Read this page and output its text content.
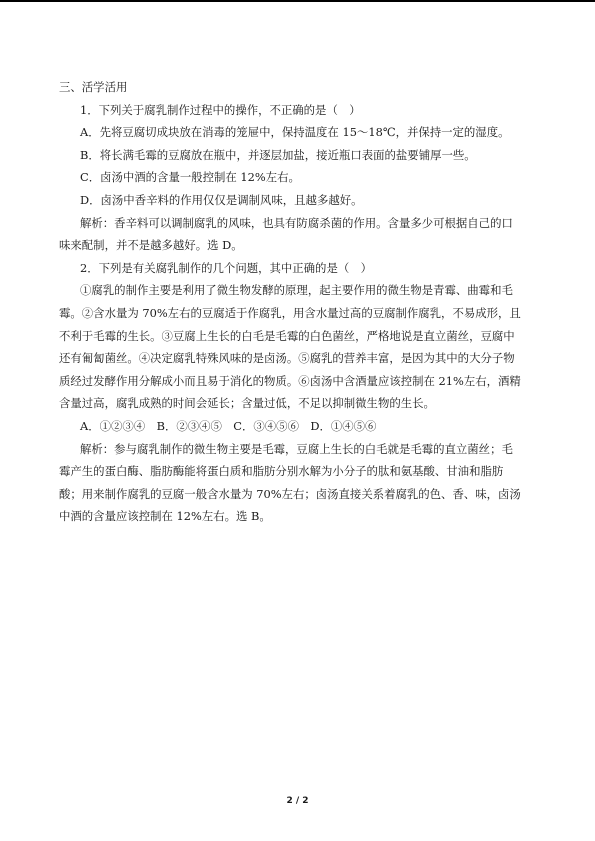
三、活学活用
1．下列关于腐乳制作过程中的操作，不正确的是（　）
A．先将豆腐切成块放在消毒的笼屉中，保持温度在 15～18℃，并保持一定的湿度。
B．将长满毛霉的豆腐放在瓶中，并逐层加盐，接近瓶口表面的盐要铺厚一些。
C．卤汤中酒的含量一般控制在 12%左右。
D．卤汤中香辛料的作用仅仅是调制风味，且越多越好。
解析：香辛料可以调制腐乳的风味，也具有防腐杀菌的作用。含量多少可根据自己的口
味来配制，并不是越多越好。选 D。
2．下列是有关腐乳制作的几个问题，其中正确的是（　）
①腐乳的制作主要是利用了微生物发酵的原理，起主要作用的微生物是青霉、曲霉和毛
霉。②含水量为 70%左右的豆腐适于作腐乳，用含水量过高的豆腐制作腐乳，不易成形，且
不利于毛霉的生长。③豆腐上生长的白毛是毛霉的白色菌丝，严格地说是直立菌丝，豆腐中
还有匍匐菌丝。④决定腐乳特殊风味的是卤汤。⑤腐乳的营养丰富，是因为其中的大分子物
质经过发酵作用分解成小而且易于消化的物质。⑥卤汤中含酒量应该控制在 21%左右，酒精
含量过高，腐乳成熟的时间会延长；含量过低，不足以抑制微生物的生长。
A．①②③④　B．②③④⑤　C．③④⑤⑥　D．①④⑤⑥
解析：参与腐乳制作的微生物主要是毛霉，豆腐上生长的白毛就是毛霉的直立菌丝；毛
霉产生的蛋白酶、脂肪酶能将蛋白质和脂肪分别水解为小分子的肽和氨基酸、甘油和脂肪
酸；用来制作腐乳的豆腐一般含水量为 70%左右；卤汤直接关系着腐乳的色、香、味，卤汤
中酒的含量应该控制在 12%左右。选 B。
2 / 2
